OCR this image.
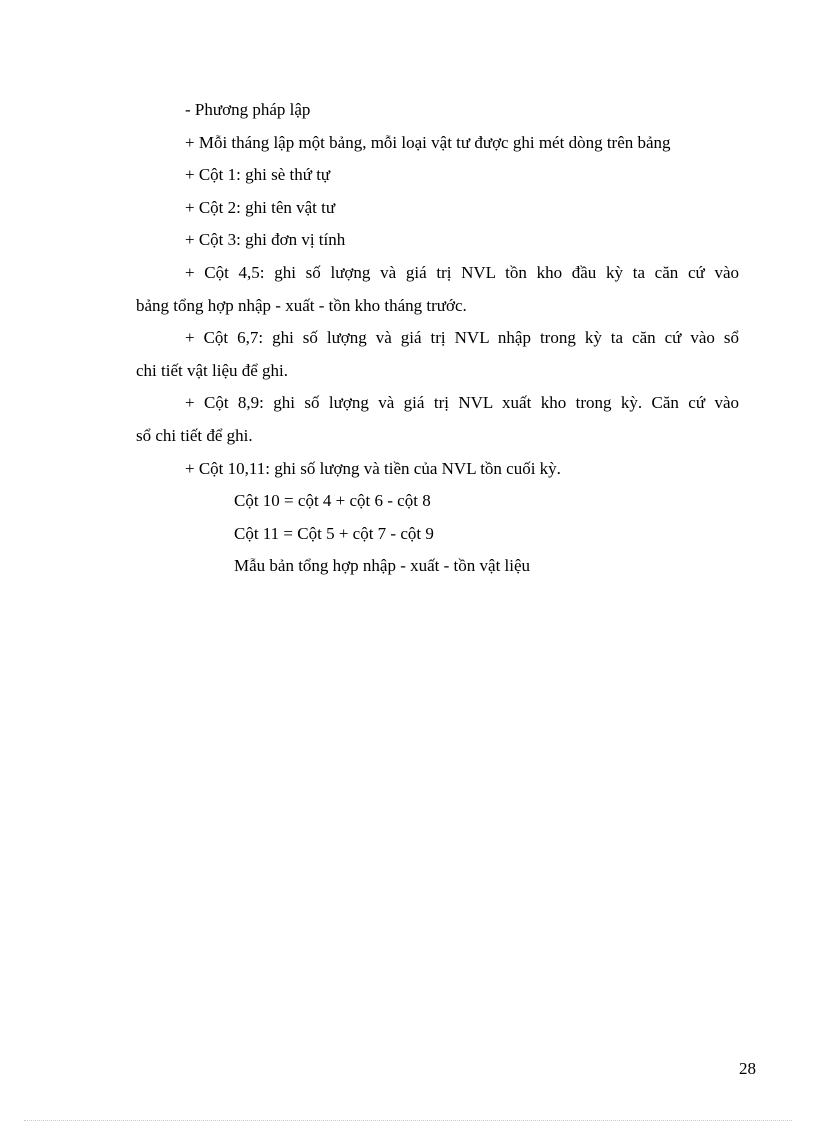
- Phương pháp lập
+ Mỗi tháng lập một bảng, mỗi loại vật tư được ghi mét dòng trên bảng
+ Cột 1: ghi sè thứ tự
+ Cột 2: ghi tên vật tư
+ Cột 3: ghi đơn vị tính
+ Cột 4,5: ghi số lượng và giá trị NVL tồn kho đầu kỳ ta căn cứ vào
bảng tổng hợp nhập - xuất - tồn kho tháng trước.
+ Cột 6,7: ghi số lượng và giá trị NVL nhập trong kỳ ta căn cứ vào sổ
chi tiết vật liệu để ghi.
+ Cột 8,9: ghi số lượng và giá trị NVL xuất kho trong kỳ. Căn cứ vào
sổ chi tiết để ghi.
+ Cột 10,11: ghi số lượng và tiền của NVL tồn cuối kỳ.
Cột 10 = cột 4 + cột 6 - cột 8
Cột 11 = Cột 5 + cột 7 - cột 9
Mẫu bản tổng hợp nhập - xuất - tồn vật liệu
28
